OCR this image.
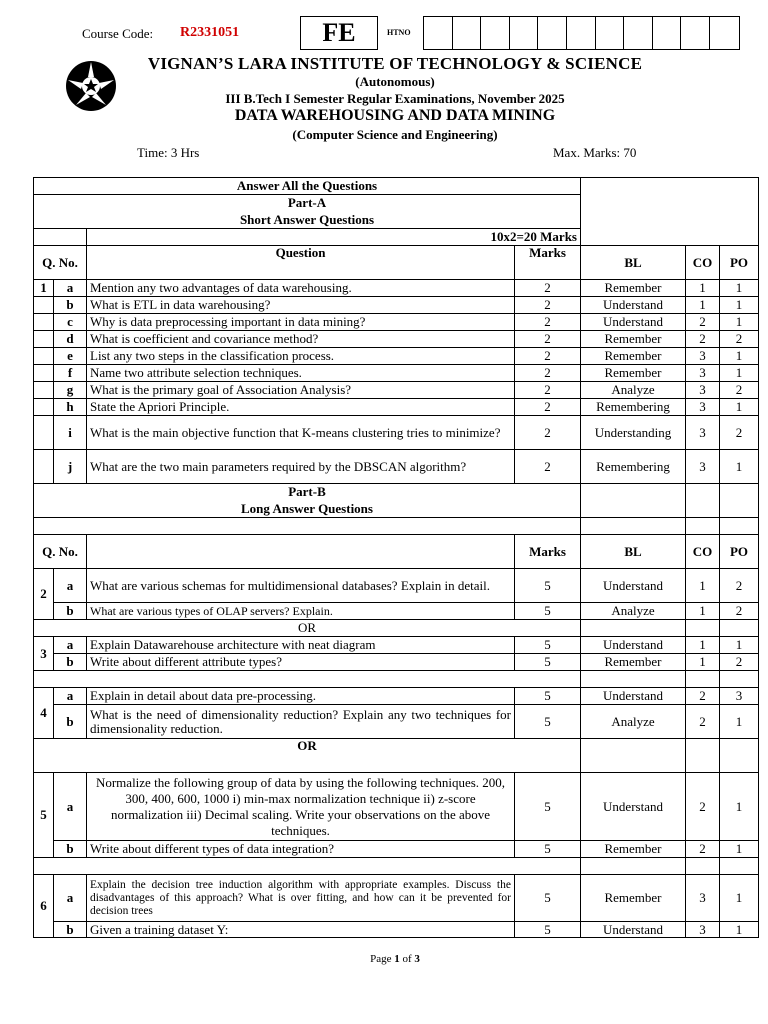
Course Code: R2331051	FE	HTNO
VIGNAN’S LARA INSTITUTE OF TECHNOLOGY & SCIENCE
(Autonomous)
III B.Tech I Semester Regular Examinations, November 2025
DATA WAREHOUSING AND DATA MINING
(Computer Science and Engineering)
Time: 3 Hrs	Max. Marks: 70
Answer All the Questions						
Part-A						
Short Answer Questions						
		10x2=20 Marks				
Q. No.		Question	Marks	BL	CO	PO
1	a	Mention any two advantages of data warehousing.	2	Remember	1	1
	b	What is ETL in data warehousing?	2	Understand	1	1
	c	Why is data preprocessing important in data mining?	2	Understand	2	1
	d	What is coefficient and covariance method?	2	Remember	2	2
	e	List any two steps in the classification process.	2	Remember	3	1
	f	Name two attribute selection techniques.	2	Remember	3	1
	g	What is the primary goal of Association Analysis?	2	Analyze	3	2
	h	State the Apriori Principle.	2	Remembering	3	1
	i	What is the main objective function that K-means clustering tries to minimize?	2	Understanding	3	2
	j	What are the two main parameters required by the DBSCAN algorithm?	2	Remembering	3	1
Part-B						
Long Answer Questions						

Q. No.			Marks	BL	CO	PO
2	a	What are various schemas for multidimensional databases? Explain in detail.	5	Understand	1	2
	b	What are various types of OLAP servers? Explain.	5	Analyze	1	2
OR						
3	a	Explain Datawarehouse architecture with neat diagram	5	Understand	1	1
	b	Write about different attribute types?	5	Remember	1	2

4	a	Explain in detail about data pre-processing.	5	Understand	2	3
	b	What is the need of dimensionality reduction? Explain any two techniques for dimensionality reduction.	5	Analyze	2	1
OR						
5	a	Normalize the following group of data by using the following techniques. 200, 300, 400, 600, 1000 i) min-max normalization technique ii) z-score normalization iii) Decimal scaling. Write your observations on the above techniques.	5	Understand	2	1
	b	Write about different types of data integration?	5	Remember	2	1

6	a	Explain the decision tree induction algorithm with appropriate examples. Discuss the disadvantages of this approach? What is over fitting, and how can it be prevented for decision trees	5	Remember	3	1
	b	Given a training dataset Y:	5	Understand	3	1
Page 1 of 3
